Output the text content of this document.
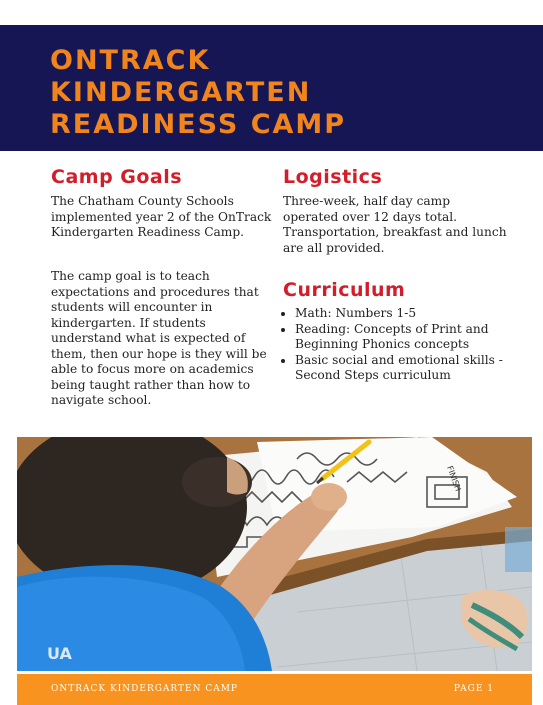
ONTRACK
KINDERGARTEN
READINESS CAMP
Camp Goals

The Chatham County Schools implemented year 2 of the OnTrack Kindergarten Readiness Camp.

The camp goal is to teach expectations and procedures that students will encounter in kindergarten. If students understand what is expected of them, then our hope is they will be able to focus more on academics being taught rather than how to navigate school.

Logistics

Three-week, half day camp operated over 12 days total. Transportation, breakfast and lunch are all provided.

Curriculum
• Math: Numbers 1-5
• Reading: Concepts of Print and Beginning Phonics concepts
• Basic social and emotional skills - Second Steps curriculum
FINISH
UA
ONTRACK KINDERGARTEN CAMP	PAGE 1
